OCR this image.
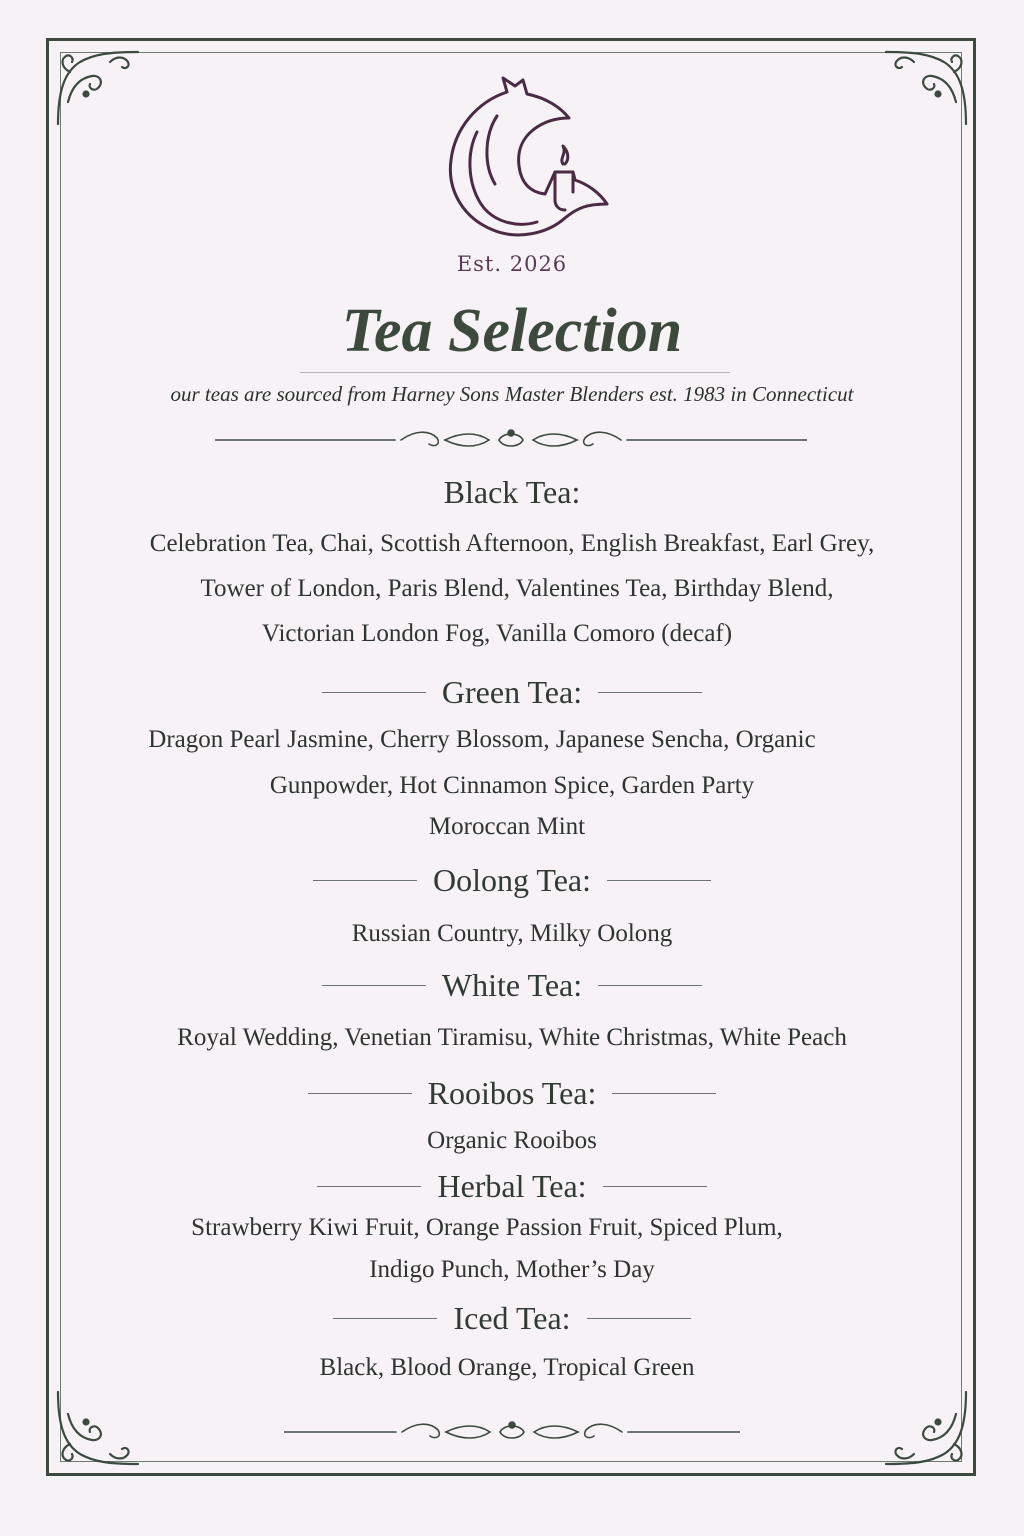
Est. 2026
Tea Selection
our teas are sourced from Harney Sons Master Blenders est. 1983 in Connecticut
Black Tea:
Celebration Tea, Chai, Scottish Afternoon, English Breakfast, Earl Grey,
Tower of London, Paris Blend, Valentines Tea, Birthday Blend,
Victorian London Fog, Vanilla Comoro (decaf)
Green Tea:
Dragon Pearl Jasmine, Cherry Blossom, Japanese Sencha, Organic
Gunpowder, Hot Cinnamon Spice, Garden Party
Moroccan Mint
Oolong Tea:
Russian Country, Milky Oolong
White Tea:
Royal Wedding, Venetian Tiramisu, White Christmas, White Peach
Rooibos Tea:
Organic Rooibos
Herbal Tea:
Strawberry Kiwi Fruit, Orange Passion Fruit, Spiced Plum,
Indigo Punch, Mother’s Day
Iced Tea:
Black, Blood Orange, Tropical Green
